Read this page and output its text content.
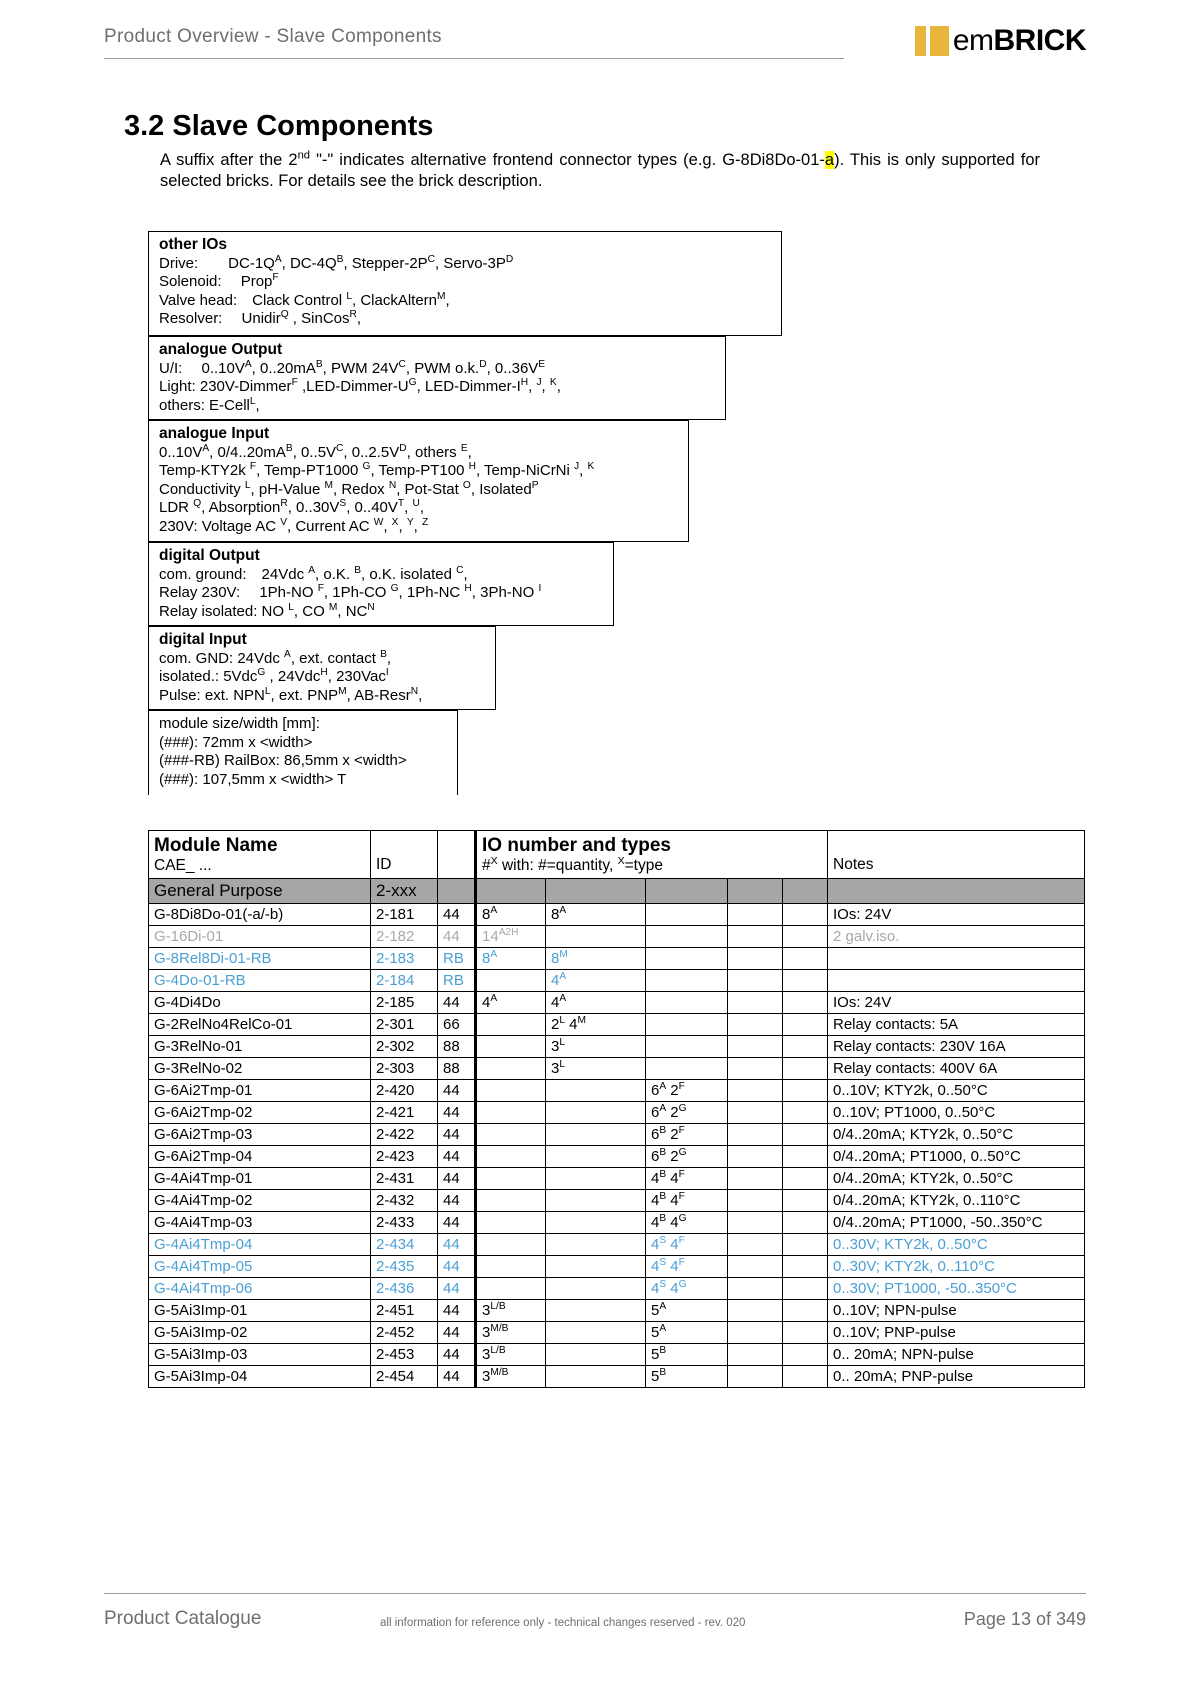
Product Overview - Slave Components	emBRICK
3.2 Slave Components
A suffix after the 2nd "-" indicates alternative frontend connector types (e.g. G-8Di8Do-01-a). This is only supported for selected bricks. For details see the brick description.
other IOs
Drive:  $DC-1Q^A$, $DC-4Q^B$, Stepper-$2P^C$, Servo-$3P^D$
Solenoid:  Prop$^F$
Valve head: Clack Control $^L$, ClackAltern$^M$,
Resolver:  Unidir$^Q$ , SinCos$^R$,
analogue Output
U/I:  $0..10V^A$, $0..20mA^B$, PWM $24V^C$, PWM o.k.$^D$, $0..36V^E$
Light: 230V-Dimmer$^F$ $,LED-Dimmer-U^G$, LED-$Dimmer-I^H$, $^J$, $^K$,
others: E-Cell$^L$,
analogue Input
$0..10V^A$, $0/4..20mA^B$, $0..5V^C$, $0..2.5V^D$, others $^E$,
Temp-KTY2k $^F$, Temp-PT1000 $^G$, Temp-PT100 $^H$, Temp-NiCrNi $^J$, $^K$
Conductivity $^L$, pH-Value $^M$, Redox $^N$, Pot-Stat $^O$, Isolated$^P$
LDR $^Q$, Absorption$^R$, $0..30V^S$, $0..40V^T$, $^U$,
230V: Voltage AC $^V$, Current AC $^W$, $^X$, $^Y$, $^Z$
digital Output
com. ground: 24Vdc $^A$, o.K. $^B$, o.K. isolated $^C$,
Relay 230V:  1Ph-NO $^F$, 1Ph-CO $^G$, 1Ph-NC $^H$, 3Ph-NO $^I$
Relay isolated: NO $^L$, CO $^M$, $NC^N$
digital Input
com. GND: 24Vdc $^A$, ext. contact $^B$,
isolated.: 5Vdc$^G$ , 24Vdc$^H$, 230Vac$^I$
Pulse: ext. $NPN^L$, ext. $PNP^M$, AB-Resr$^N$,
module size/width [mm]:
(###): 72mm x <width>
(###-RB) RailBox: 86,5mm x <width>
(###): 107,5mm x <width> T
Module Name
CAE_ ...	ID

IO number and types
#$^X$ with: #=quantity, $^X$=type	Notes

General Purpose	2-xxx							
G-8Di8Do-01(-a/-b)	2-181	44	$8^A$	$8^A$				IOs: 24V
G-16Di-01	2-182	44	$14^{A2H}$					2 galv.iso.
G-8Rel8Di-01-RB	2-183	RB	$8^A$	$8^M$				
G-4Do-01-RB	2-184	RB		$4^A$				
G-4Di4Do	2-185	44	$4^A$	$4^A$				IOs: 24V
G-2RelNo4RelCo-01	2-301	66		$2^L$ $4^M$				Relay contacts: 5A
G-3RelNo-01	2-302	88		$3^L$				Relay contacts: 230V 16A
G-3RelNo-02	2-303	88		$3^L$				Relay contacts: 400V 6A
G-6Ai2Tmp-01	2-420	44			$6^A$ $2^F$			0..10V; KTY2k, 0..50°C
G-6Ai2Tmp-02	2-421	44			$6^A$ $2^G$			0..10V; PT1000, 0..50°C
G-6Ai2Tmp-03	2-422	44			$6^B$ $2^F$			0/4..20mA; KTY2k, 0..50°C
G-6Ai2Tmp-04	2-423	44			$6^B$ $2^G$			0/4..20mA; PT1000, 0..50°C
G-4Ai4Tmp-01	2-431	44			$4^B$ $4^F$			0/4..20mA; KTY2k, 0..50°C
G-4Ai4Tmp-02	2-432	44			$4^B$ $4^F$			0/4..20mA; KTY2k, 0..110°C
G-4Ai4Tmp-03	2-433	44			$4^B$ $4^G$			0/4..20mA; PT1000, -50..350°C
G-4Ai4Tmp-04	2-434	44			$4^S$ $4^F$			0..30V; KTY2k, 0..50°C
G-4Ai4Tmp-05	2-435	44			$4^S$ $4^F$			0..30V; KTY2k, 0..110°C
G-4Ai4Tmp-06	2-436	44			$4^S$ $4^G$			0..30V; PT1000, -50..350°C
G-5Ai3Imp-01	2-451	44	$3^{L/B}$		$5^A$			0..10V; NPN-pulse
G-5Ai3Imp-02	2-452	44	$3^{M/B}$		$5^A$			0..10V; PNP-pulse
G-5Ai3Imp-03	2-453	44	$3^{L/B}$		$5^B$			0.. 20mA; NPN-pulse
G-5Ai3Imp-04	2-454	44	$3^{M/B}$		$5^B$			0.. 20mA; PNP-pulse
Product Catalogue	all information for reference only - technical changes reserved - rev. 020	Page 13 of 349
